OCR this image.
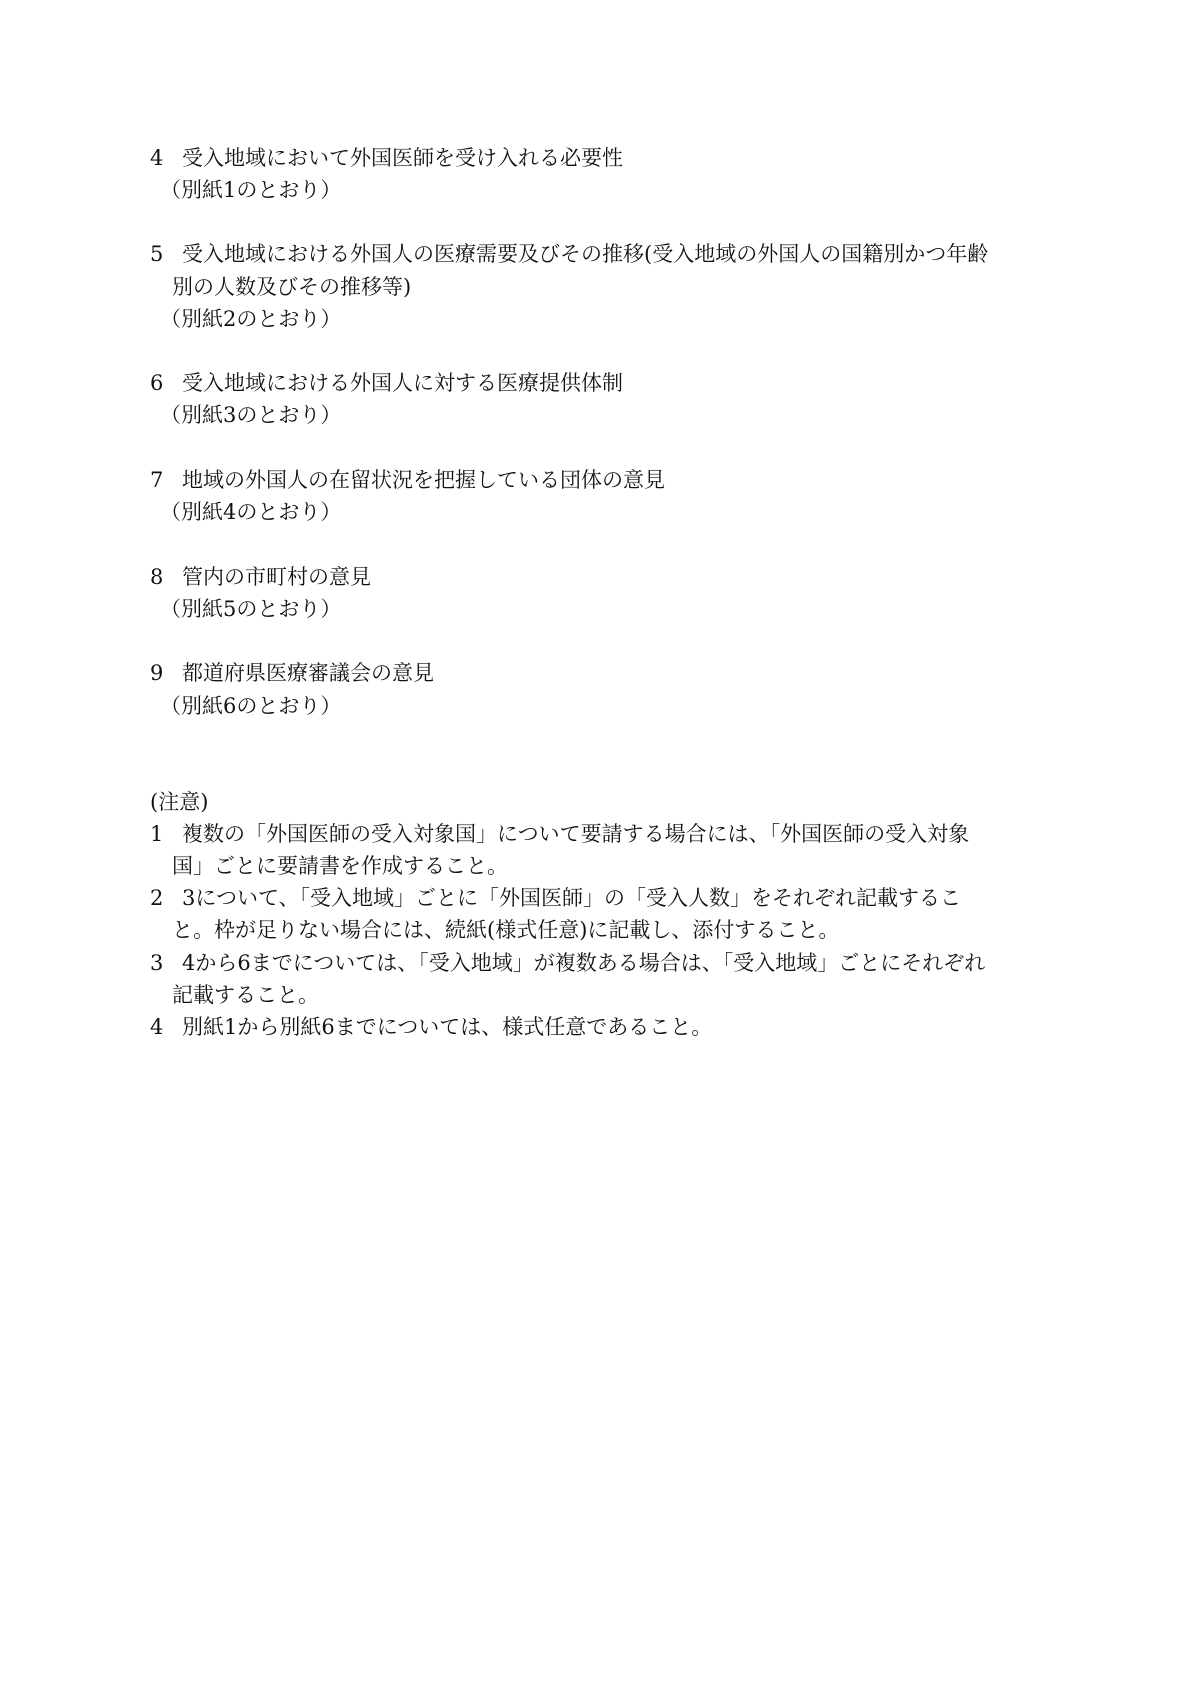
4 受入地域において外国医師を受け入れる必要性
（別紙1のとおり）
5 受入地域における外国人の医療需要及びその推移(受入地域の外国人の国籍別かつ年齢
別の人数及びその推移等)
（別紙2のとおり）
6 受入地域における外国人に対する医療提供体制
（別紙3のとおり）
7 地域の外国人の在留状況を把握している団体の意見
（別紙4のとおり）
8 管内の市町村の意見
（別紙5のとおり）
9 都道府県医療審議会の意見
（別紙6のとおり）
(注意)
1 複数の「外国医師の受入対象国」について要請する場合には、「外国医師の受入対象
国」ごとに要請書を作成すること。
2 3について、「受入地域」ごとに「外国医師」の「受入人数」をそれぞれ記載するこ
と。枠が足りない場合には、続紙(様式任意)に記載し、添付すること。
3 4から6までについては、「受入地域」が複数ある場合は、「受入地域」ごとにそれぞれ
記載すること。
4 別紙1から別紙6までについては、様式任意であること。
